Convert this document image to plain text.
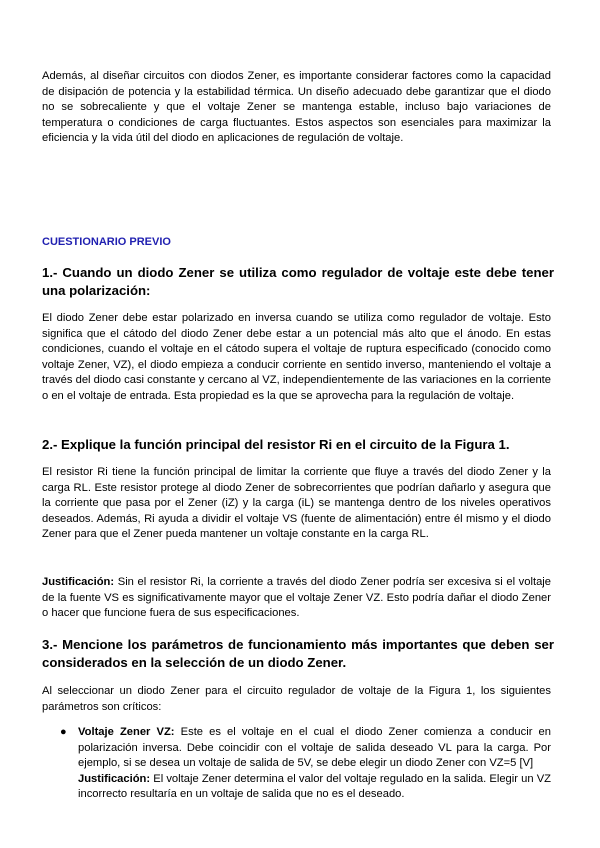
Además, al diseñar circuitos con diodos Zener, es importante considerar factores como la capacidad de disipación de potencia y la estabilidad térmica. Un diseño adecuado debe garantizar que el diodo no se sobrecaliente y que el voltaje Zener se mantenga estable, incluso bajo variaciones de temperatura o condiciones de carga fluctuantes. Estos aspectos son esenciales para maximizar la eficiencia y la vida útil del diodo en aplicaciones de regulación de voltaje.

CUESTIONARIO PREVIO

1.- Cuando un diodo Zener se utiliza como regulador de voltaje este debe tener una polarización:

El diodo Zener debe estar polarizado en inversa cuando se utiliza como regulador de voltaje. Esto significa que el cátodo del diodo Zener debe estar a un potencial más alto que el ánodo. En estas condiciones, cuando el voltaje en el cátodo supera el voltaje de ruptura especificado (conocido como voltaje Zener, VZ), el diodo empieza a conducir corriente en sentido inverso, manteniendo el voltaje a través del diodo casi constante y cercano al VZ, independientemente de las variaciones en la corriente o en el voltaje de entrada. Esta propiedad es la que se aprovecha para la regulación de voltaje.

2.- Explique la función principal del resistor Ri en el circuito de la Figura 1.

El resistor Ri tiene la función principal de limitar la corriente que fluye a través del diodo Zener y la carga RL. Este resistor protege al diodo Zener de sobrecorrientes que podrían dañarlo y asegura que la corriente que pasa por el Zener (iZ) y la carga (iL) se mantenga dentro de los niveles operativos deseados. Además, Ri ayuda a dividir el voltaje VS (fuente de alimentación) entre él mismo y el diodo Zener para que el Zener pueda mantener un voltaje constante en la carga RL.

Justificación: Sin el resistor Ri, la corriente a través del diodo Zener podría ser excesiva si el voltaje de la fuente VS es significativamente mayor que el voltaje Zener VZ. Esto podría dañar el diodo Zener o hacer que funcione fuera de sus especificaciones.

3.- Mencione los parámetros de funcionamiento más importantes que deben ser considerados en la selección de un diodo Zener.

Al seleccionar un diodo Zener para el circuito regulador de voltaje de la Figura 1, los siguientes parámetros son críticos:

● Voltaje Zener VZ: Este es el voltaje en el cual el diodo Zener comienza a conducir en polarización inversa. Debe coincidir con el voltaje de salida deseado VL para la carga. Por ejemplo, si se desea un voltaje de salida de 5V, se debe elegir un diodo Zener con VZ=5 [V]
Justificación: El voltaje Zener determina el valor del voltaje regulado en la salida. Elegir un VZ incorrecto resultaría en un voltaje de salida que no es el deseado.
